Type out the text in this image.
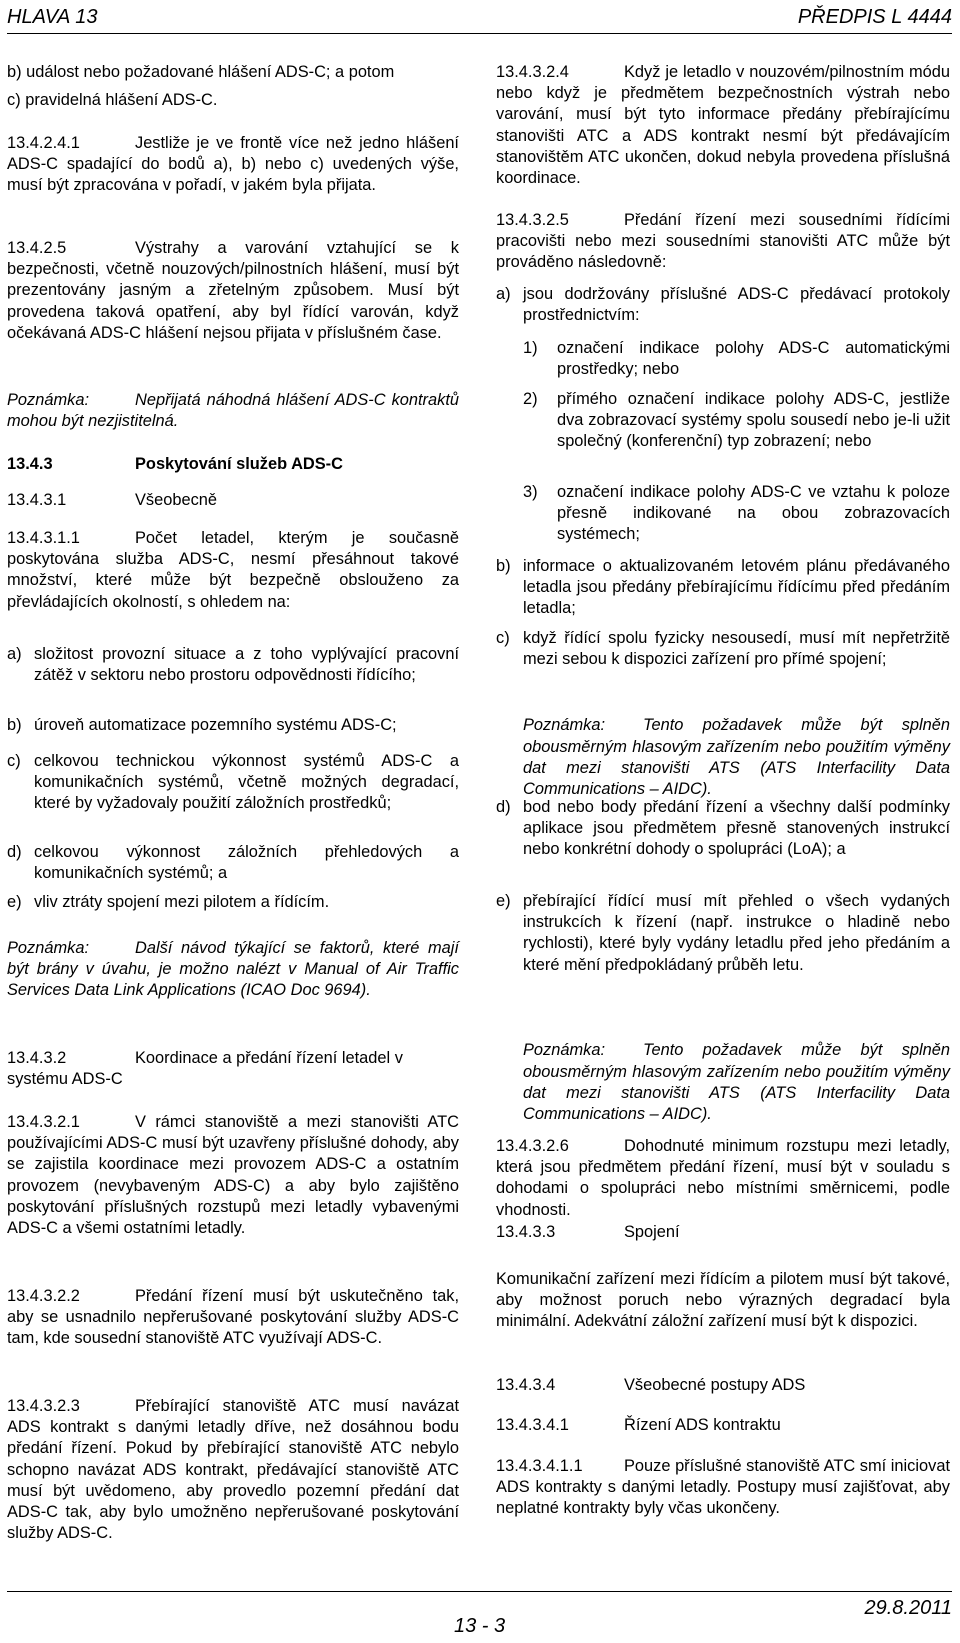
HLAVA 13	PŘEDPIS L 4444

b) událost nebo požadované hlášení ADS-C; a potom

c) pravidelná hlášení ADS-C.

13.4.2.4.1	Jestliže je ve frontě více než jedno hlášení ADS-C spadající do bodů a), b) nebo c) uvedených výše, musí být zpracována v pořadí, v jakém byla přijata.

13.4.2.5	Výstrahy a varování vztahující se k bezpečnosti, včetně nouzových/pilnostních hlášení, musí být prezentovány jasným a zřetelným způsobem. Musí být provedena taková opatření, aby byl řídící varován, když očekávaná ADS-C hlášení nejsou přijata v příslušném čase.

Poznámka:	Nepřijatá náhodná hlášení ADS-C kontraktů mohou být nezjistitelná.

13.4.3	Poskytování služeb ADS-C
13.4.3.1	Všeobecně

13.4.3.1.1	Počet letadel, kterým je současně poskytována služba ADS-C, nesmí přesáhnout takové množství, které může být bezpečně obslouženo za převládajících okolností, s ohledem na:

a) složitost provozní situace a z toho vyplývající pracovní zátěž v sektoru nebo prostoru odpovědnosti řídícího;
b) úroveň automatizace pozemního systému ADS-C;
c) celkovou technickou výkonnost systémů ADS-C a komunikačních systémů, včetně možných degradací, které by vyžadovaly použití záložních prostředků;
d) celkovou výkonnost záložních přehledových a komunikačních systémů; a
e) vliv ztráty spojení mezi pilotem a řídícím.

Poznámka:	Další návod týkající se faktorů, které mají být brány v úvahu, je možno nalézt v Manual of Air Traffic Services Data Link Applications (ICAO Doc 9694).

13.4.3.2	Koordinace a předání řízení letadel v systému ADS-C

13.4.3.2.1	V rámci stanoviště a mezi stanovišti ATC používajícími ADS-C musí být uzavřeny příslušné dohody, aby se zajistila koordinace mezi provozem ADS-C a ostatním provozem (nevybaveným ADS-C) a aby bylo zajištěno poskytování příslušných rozstupů mezi letadly vybavenými ADS-C a všemi ostatními letadly.

13.4.3.2.2	Předání řízení musí být uskutečněno tak, aby se usnadnilo nepřerušované poskytování služby ADS-C tam, kde sousední stanoviště ATC využívají ADS-C.

13.4.3.2.3	Přebírající stanoviště ATC musí navázat ADS kontrakt s danými letadly dříve, než dosáhnou bodu předání řízení. Pokud by přebírající stanoviště ATC nebylo schopno navázat ADS kontrakt, předávající stanoviště ATC musí být uvědomeno, aby provedlo pozemní předání dat ADS-C tak, aby bylo umožněno nepřerušované poskytování služby ADS-C.

13.4.3.2.4	Když je letadlo v nouzovém/pilnostním módu nebo když je předmětem bezpečnostních výstrah nebo varování, musí být tyto informace předány přebírajícímu stanovišti ATC a ADS kontrakt nesmí být předávajícím stanovištěm ATC ukončen, dokud nebyla provedena příslušná koordinace.

13.4.3.2.5	Předání řízení mezi sousedními řídícími pracovišti nebo mezi sousedními stanovišti ATC může být prováděno následovně:

a) jsou dodržovány příslušné ADS-C předávací protokoly prostřednictvím:
1) označení indikace polohy ADS-C automatickými prostředky; nebo
2) přímého označení indikace polohy ADS-C, jestliže dva zobrazovací systémy spolu sousedí nebo je-li užit společný (konferenční) typ zobrazení; nebo
3) označení indikace polohy ADS-C ve vztahu k poloze přesně indikované na obou zobrazovacích systémech;
b) informace o aktualizovaném letovém plánu předávaného letadla jsou předány přebírajícímu řídícímu před předáním letadla;
c) když řídící spolu fyzicky nesousedí, musí mít nepřetržitě mezi sebou k dispozici zařízení pro přímé spojení;

Poznámka: Tento požadavek může být splněn obousměrným hlasovým zařízením nebo použitím výměny dat mezi stanovišti ATS (ATS Interfacility Data Communications – AIDC).

d) bod nebo body předání řízení a všechny další podmínky aplikace jsou předmětem přesně stanovených instrukcí nebo konkrétní dohody o spolupráci (LoA); a
e) přebírající řídící musí mít přehled o všech vydaných instrukcích k řízení (např. instrukce o hladině nebo rychlosti), které byly vydány letadlu před jeho předáním a které mění předpokládaný průběh letu.

Poznámka: Tento požadavek může být splněn obousměrným hlasovým zařízením nebo použitím výměny dat mezi stanovišti ATS (ATS Interfacility Data Communications – AIDC).

13.4.3.2.6	Dohodnuté minimum rozstupu mezi letadly, která jsou předmětem předání řízení, musí být v souladu s dohodami o spolupráci nebo místními směrnicemi, podle vhodnosti.

13.4.3.3	Spojení

Komunikační zařízení mezi řídícím a pilotem musí být takové, aby možnost poruch nebo výrazných degradací byla minimální. Adekvátní záložní zařízení musí být k dispozici.

13.4.3.4	Všeobecné postupy ADS
13.4.3.4.1	Řízení ADS kontraktu

13.4.3.4.1.1	Pouze příslušné stanoviště ATC smí iniciovat ADS kontrakty s danými letadly. Postupy musí zajišťovat, aby neplatné kontrakty byly včas ukončeny.

13 - 3
29.8.2011
